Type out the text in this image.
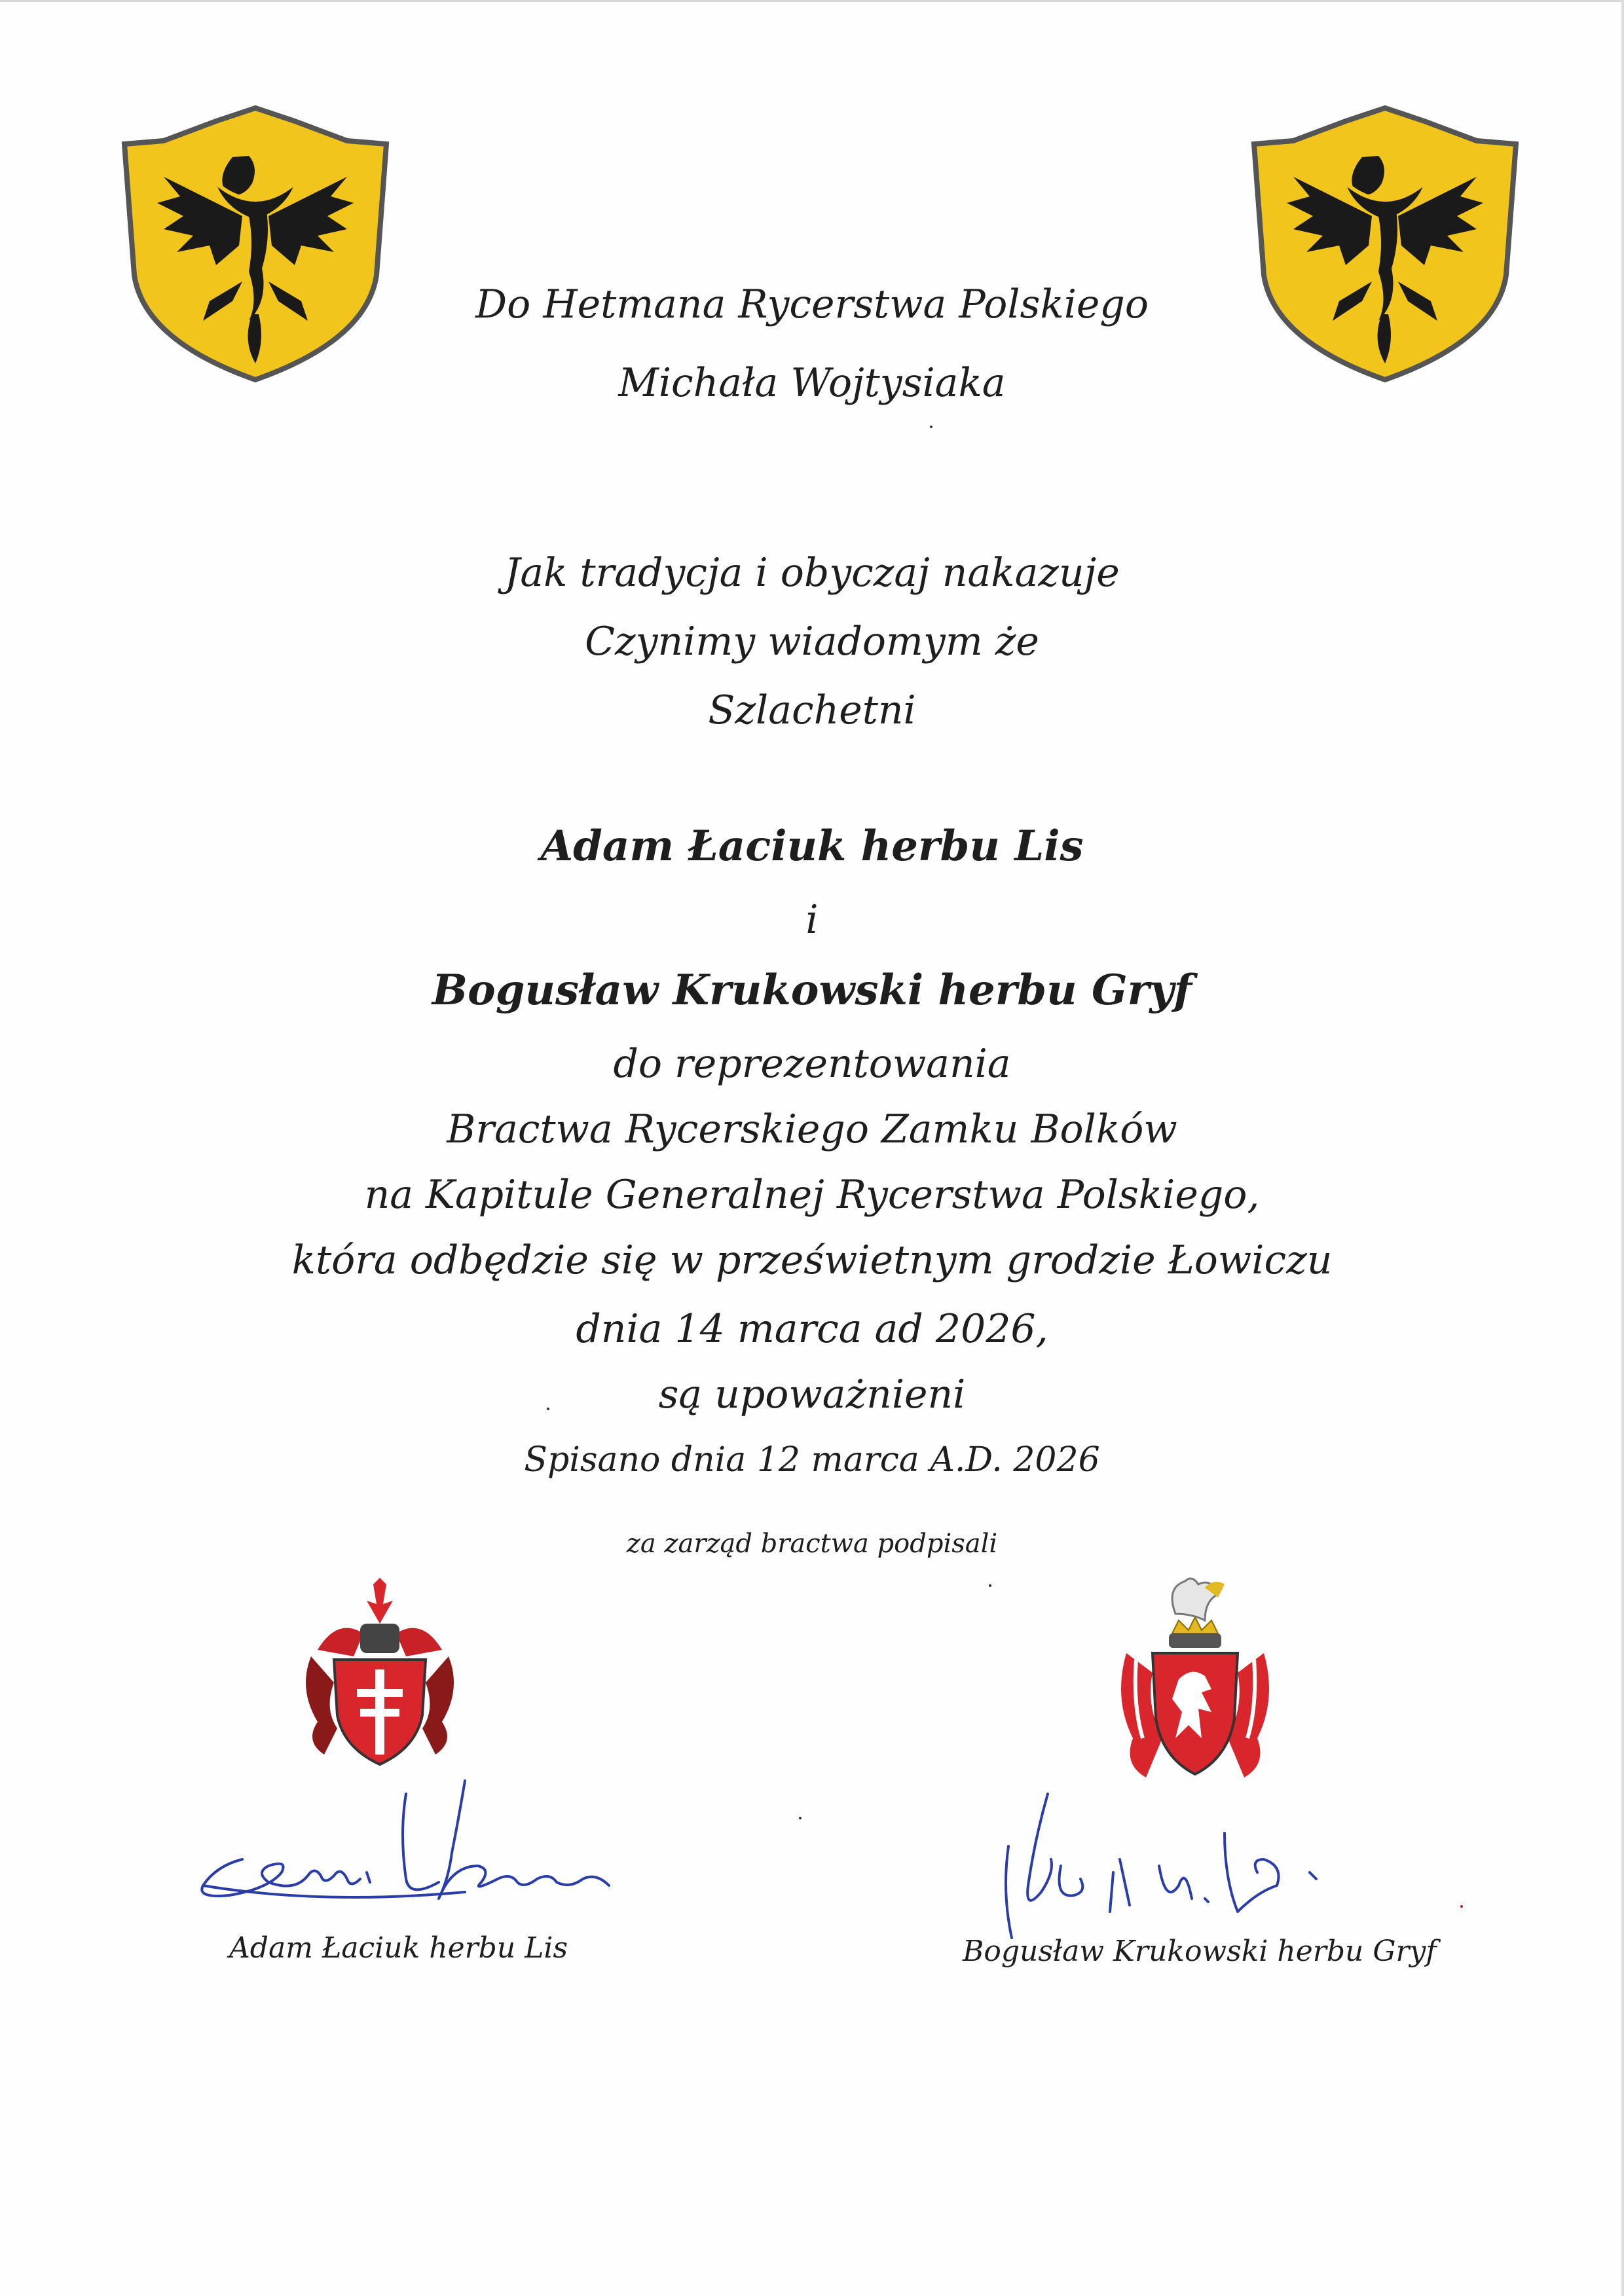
Do Hetmana Rycerstwa Polskiego
Michała Wojtysiaka
Jak tradycja i obyczaj nakazuje
Czynimy wiadomym że
Szlachetni
Adam Łaciuk herbu Lis
i
Bogusław Krukowski herbu Gryf
do reprezentowania
Bractwa Rycerskiego Zamku Bolków
na Kapitule Generalnej Rycerstwa Polskiego,
która odbędzie się w prześwietnym grodzie Łowiczu
dnia 14 marca ad 2026,
są upoważnieni
Spisano dnia 12 marca A.D. 2026
za zarząd bractwa podpisali
Adam Łaciuk herbu Lis	Bogusław Krukowski herbu Gryf
